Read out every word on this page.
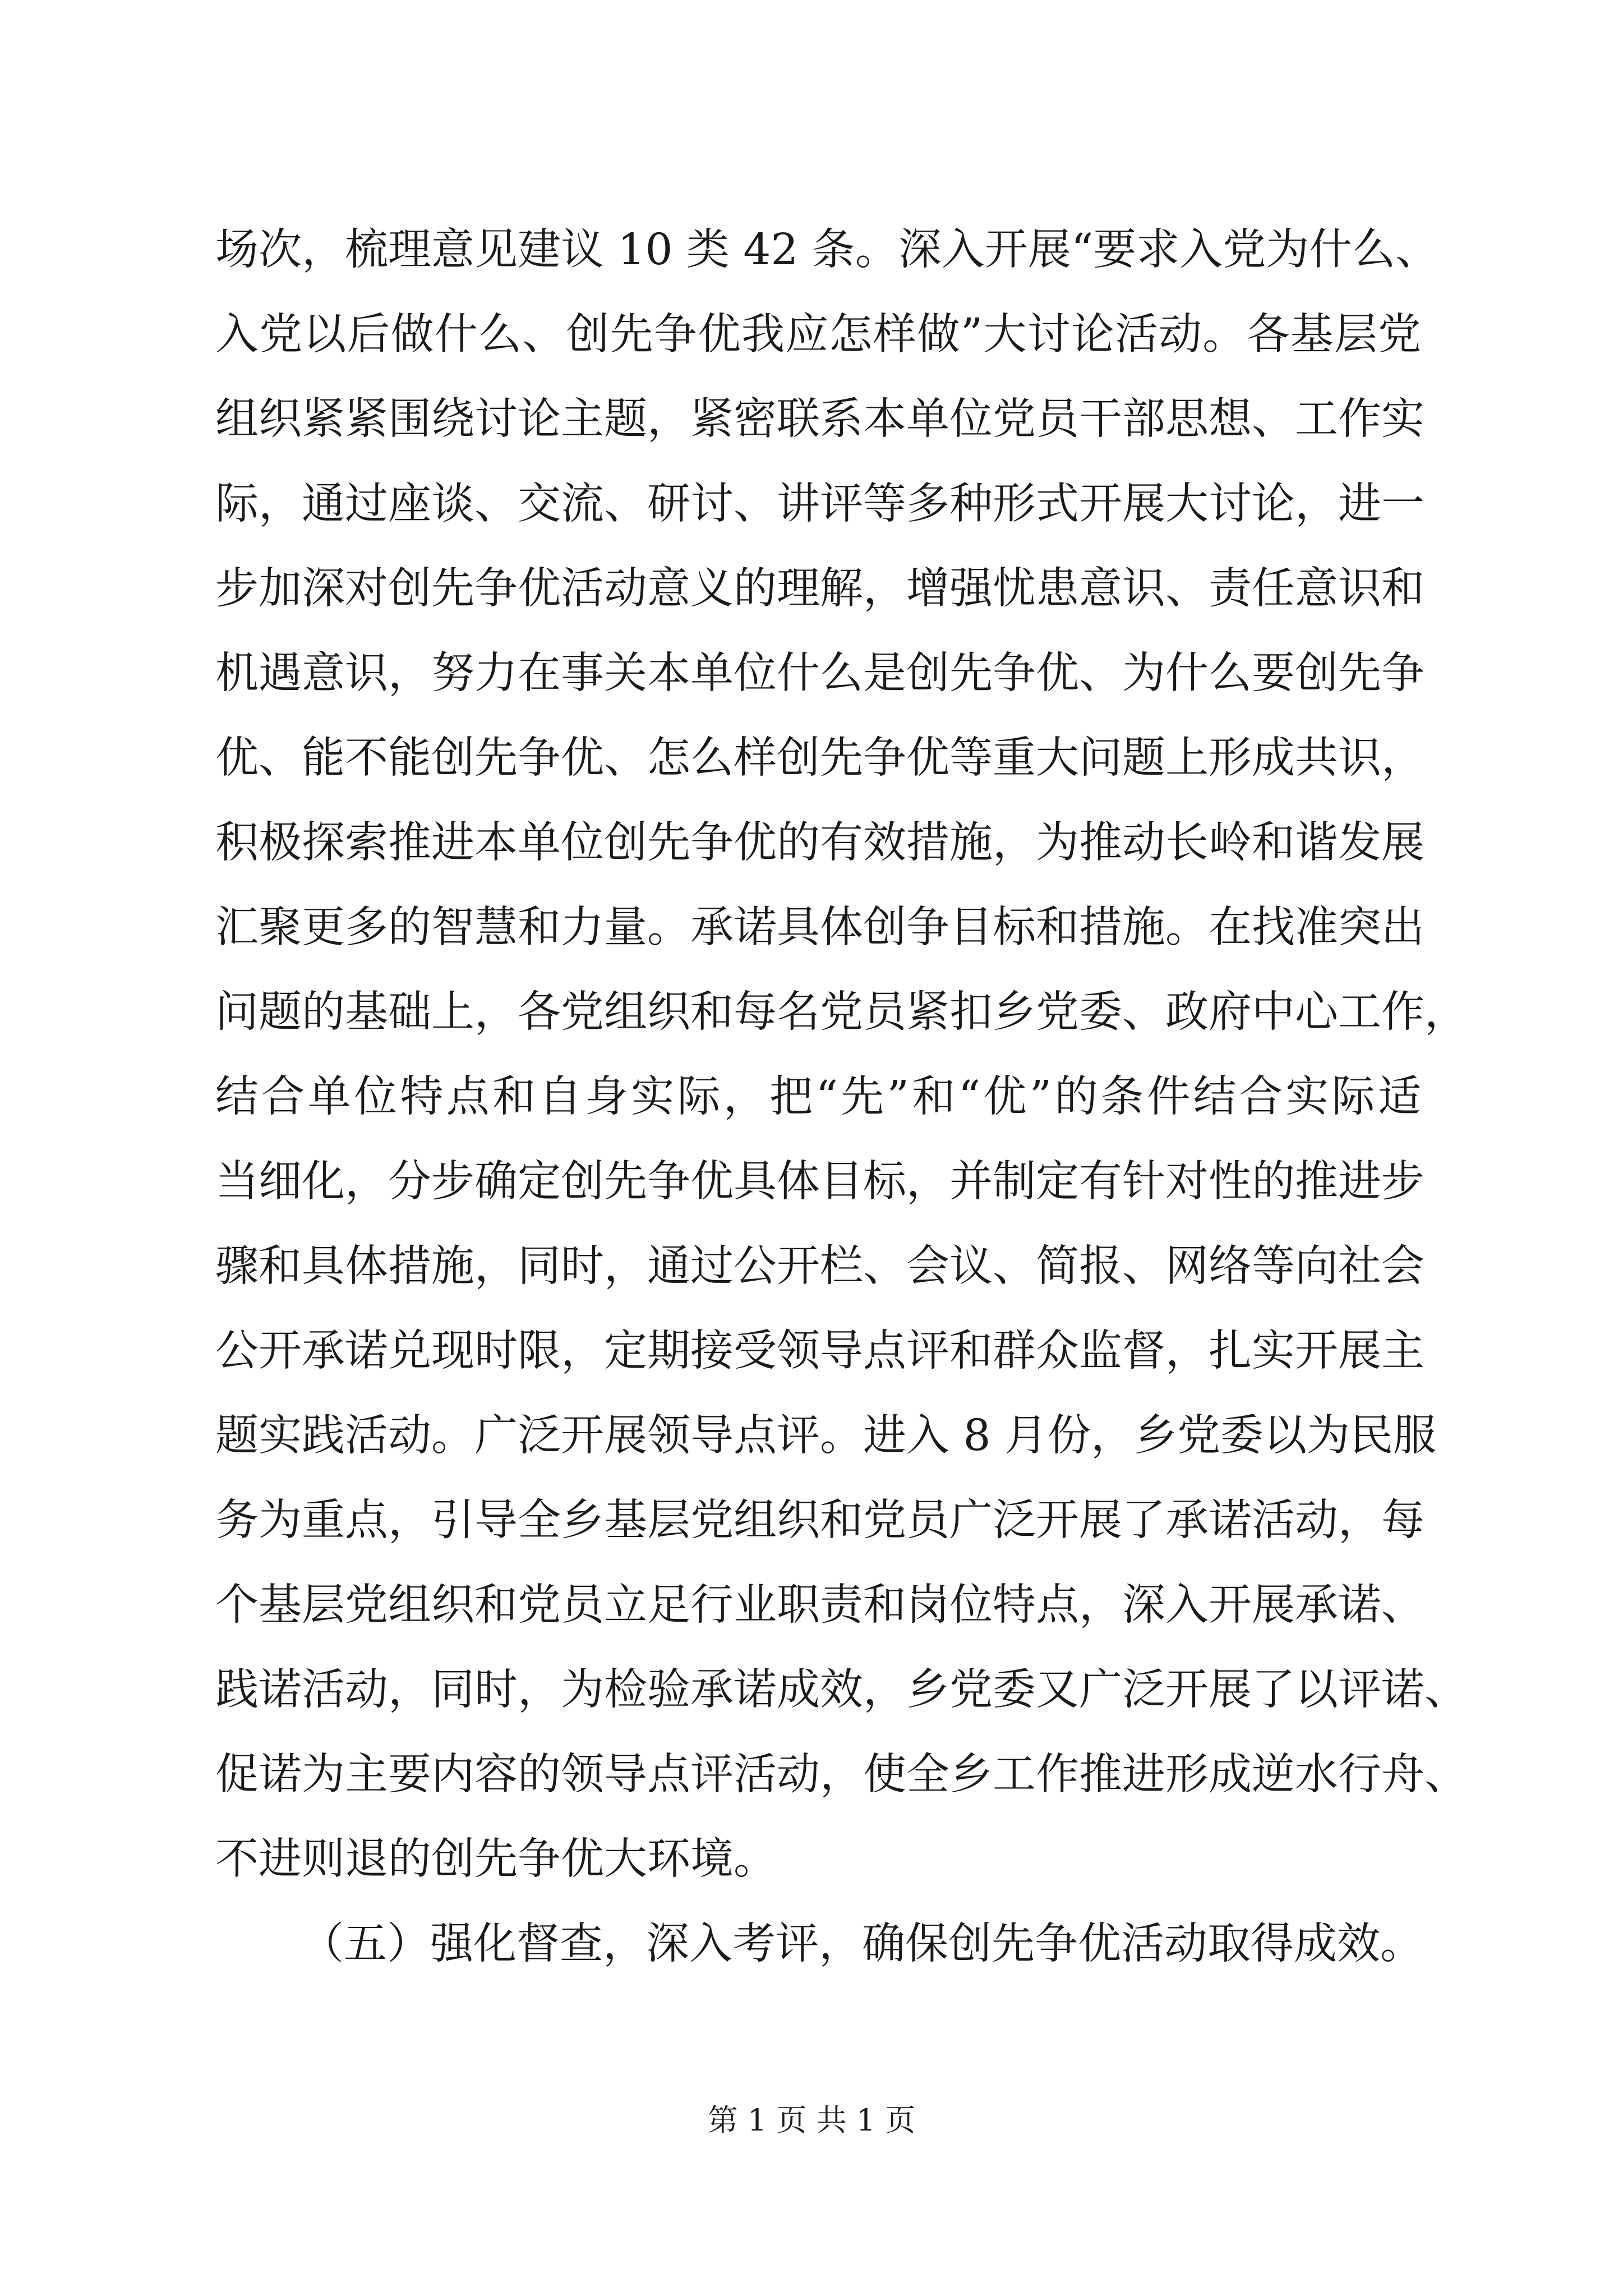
场次，梳理意见建议 10 类 42 条。深入开展“要求入党为什么、
入党以后做什么、创先争优我应怎样做”大讨论活动。各基层党
组织紧紧围绕讨论主题，紧密联系本单位党员干部思想、工作实
际，通过座谈、交流、研讨、讲评等多种形式开展大讨论，进一
步加深对创先争优活动意义的理解，增强忧患意识、责任意识和
机遇意识，努力在事关本单位什么是创先争优、为什么要创先争
优、能不能创先争优、怎么样创先争优等重大问题上形成共识，
积极探索推进本单位创先争优的有效措施，为推动长岭和谐发展
汇聚更多的智慧和力量。承诺具体创争目标和措施。在找准突出
问题的基础上，各党组织和每名党员紧扣乡党委、政府中心工作，
结合单位特点和自身实际，把“先”和“优”的条件结合实际适
当细化，分步确定创先争优具体目标，并制定有针对性的推进步
骤和具体措施，同时，通过公开栏、会议、简报、网络等向社会
公开承诺兑现时限，定期接受领导点评和群众监督，扎实开展主
题实践活动。广泛开展领导点评。进入 8 月份，乡党委以为民服
务为重点，引导全乡基层党组织和党员广泛开展了承诺活动，每
个基层党组织和党员立足行业职责和岗位特点，深入开展承诺、
践诺活动，同时，为检验承诺成效，乡党委又广泛开展了以评诺、
促诺为主要内容的领导点评活动，使全乡工作推进形成逆水行舟、
不进则退的创先争优大环境。
（五）强化督查，深入考评，确保创先争优活动取得成效。
第 1 页 共 1 页
